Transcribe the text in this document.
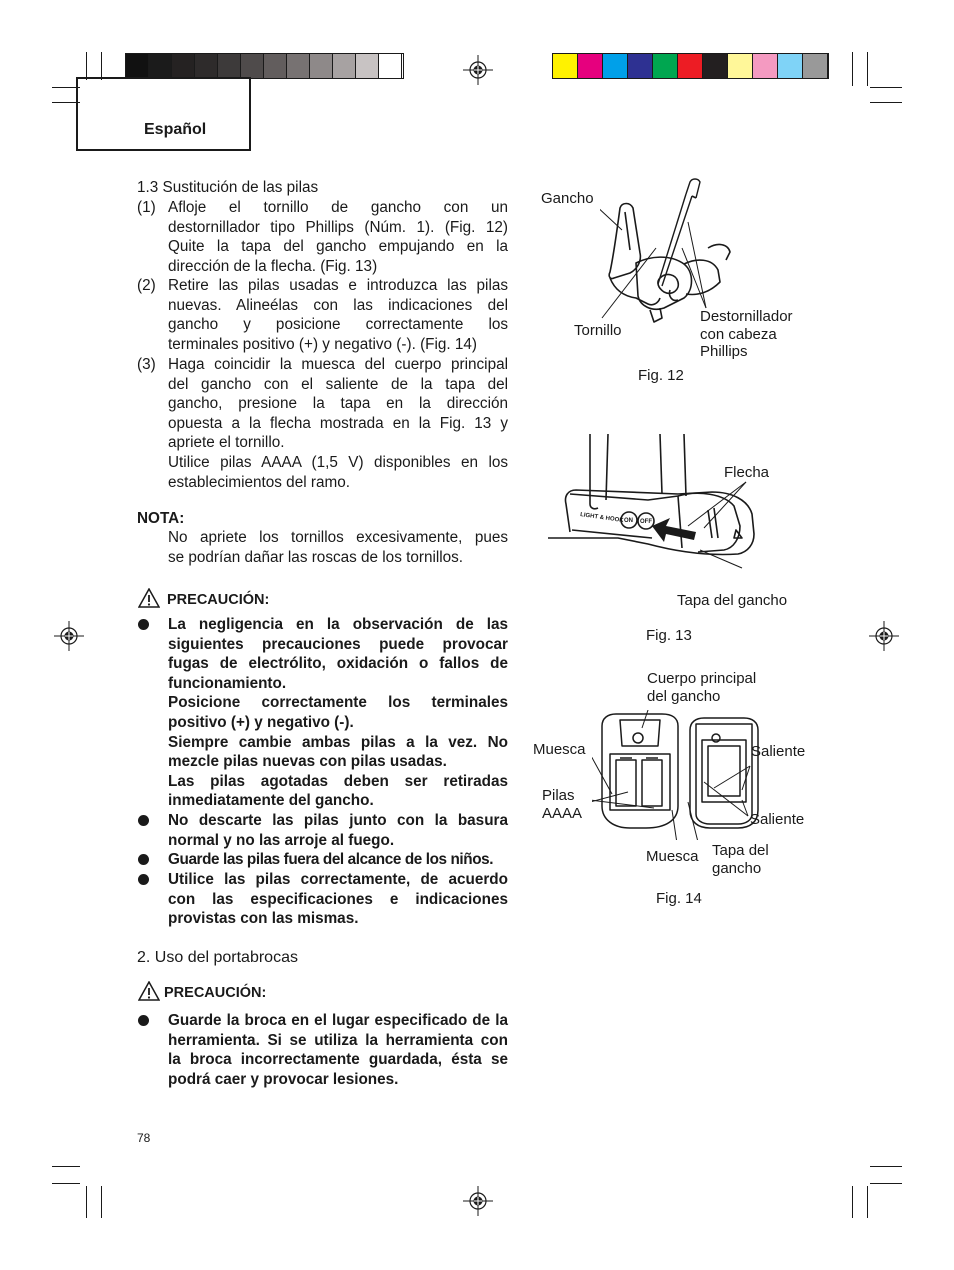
Español
1.3 Sustitución de las pilas
(1) Afloje el tornillo de gancho con un
destornillador tipo Phillips (Núm. 1). (Fig. 12)
Quite la tapa del gancho empujando en la
dirección de la flecha. (Fig. 13)
(2) Retire las pilas usadas e introduzca las pilas
nuevas. Alineélas con las indicaciones del
gancho y posicione correctamente los
terminales positivo (+) y negativo (-). (Fig. 14)
(3) Haga coincidir la muesca del cuerpo principal
del gancho con el saliente de la tapa del
gancho, presione la tapa en la dirección
opuesta a la flecha mostrada en la Fig. 13 y
apriete el tornillo.
Utilice pilas AAAA (1,5 V) disponibles en los
establecimientos del ramo.
NOTA:
No apriete los tornillos excesivamente, pues
se podrían dañar las roscas de los tornillos.
PRECAUCIÓN:
La negligencia en la observación de las
siguientes precauciones puede provocar
fugas de electrólito, oxidación o fallos de
funcionamiento.
Posicione correctamente los terminales
positivo (+) y negativo (-).
Siempre cambie ambas pilas a la vez. No
mezcle pilas nuevas con pilas usadas.
Las pilas agotadas deben ser retiradas
inmediatamente del gancho.
No descarte las pilas junto con la basura
normal y no las arroje al fuego.
Guarde las pilas fuera del alcance de los niños.
Utilice las pilas correctamente, de acuerdo
con las especificaciones e indicaciones
provistas con las mismas.
2. Uso del portabrocas
PRECAUCIÓN:
Guarde la broca en el lugar especificado de la
herramienta. Si se utiliza la herramienta con
la broca incorrectamente guardada, ésta se
podrá caer y provocar lesiones.
78
Gancho
Tornillo
Destornillador
con cabeza
Phillips
Fig. 12
LIGHT & HOOK ON OFF
Flecha
Tapa del gancho
Fig. 13
Cuerpo principal
del gancho
Muesca
Pilas
AAAA
Saliente
Saliente
Muesca Tapa del
gancho
Fig. 14
